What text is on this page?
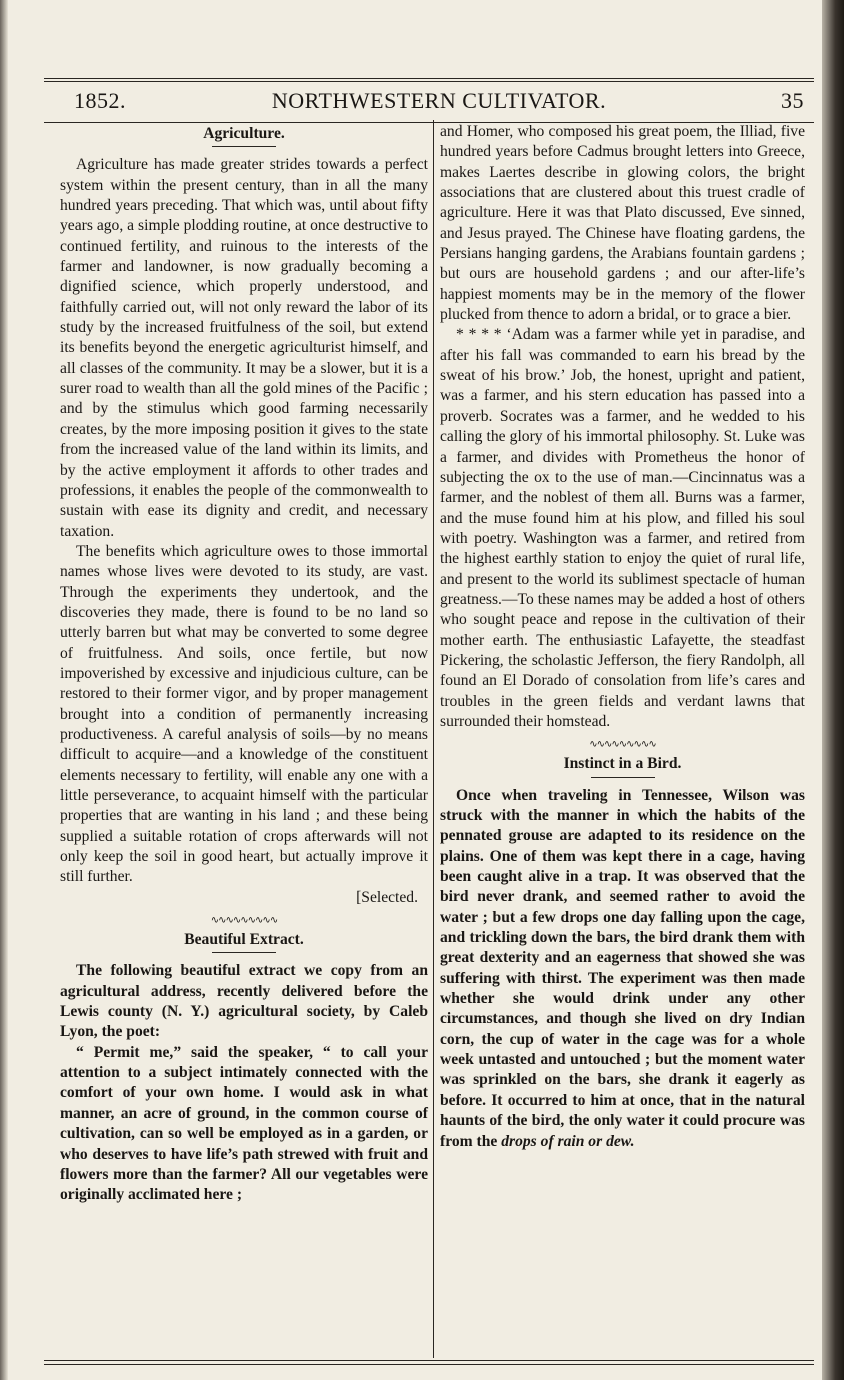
1852.	NORTHWESTERN CULTIVATOR.	35
Agriculture.

Agriculture has made greater strides towards a perfect system within the present century, than in all the many hundred years preceding. That which was, until about fifty years ago, a simple plodding routine, at once destructive to continued fertility, and ruinous to the interests of the farmer and landowner, is now gradually becoming a dignified science, which properly understood, and faithfully carried out, will not only reward the labor of its study by the increased fruitfulness of the soil, but extend its benefits beyond the energetic agriculturist himself, and all classes of the community. It may be a slower, but it is a surer road to wealth than all the gold mines of the Pacific ; and by the stimulus which good farming necessarily creates, by the more imposing position it gives to the state from the increased value of the land within its limits, and by the active employment it affords to other trades and professions, it enables the people of the commonwealth to sustain with ease its dignity and credit, and necessary taxation.

The benefits which agriculture owes to those immortal names whose lives were devoted to its study, are vast. Through the experiments they undertook, and the discoveries they made, there is found to be no land so utterly barren but what may be converted to some degree of fruitfulness. And soils, once fertile, but now impoverished by excessive and injudicious culture, can be restored to their former vigor, and by proper management brought into a condition of permanently increasing productiveness. A careful analysis of soils—by no means difficult to acquire—and a knowledge of the constituent elements necessary to fertility, will enable any one with a little perseverance, to acquaint himself with the particular properties that are wanting in his land ; and these being supplied a suitable rotation of crops afterwards will not only keep the soil in good heart, but actually improve it still further.

[Selected.
∿∿∿∿∿∿∿∿∿
Beautiful Extract.

The following beautiful extract we copy from an agricultural address, recently delivered before the Lewis county (N. Y.) agricultural society, by Caleb Lyon, the poet:

“ Permit me,” said the speaker, “ to call your attention to a subject intimately connected with the comfort of your own home. I would ask in what manner, an acre of ground, in the common course of cultivation, can so well be employed as in a garden, or who deserves to have life’s path strewed with fruit and flowers more than the farmer? All our vegetables were originally acclimated here ;

and Homer, who composed his great poem, the Illiad, five hundred years before Cadmus brought letters into Greece, makes Laertes describe in glowing colors, the bright associations that are clustered about this truest cradle of agriculture. Here it was that Plato discussed, Eve sinned, and Jesus prayed. The Chinese have floating gardens, the Persians hanging gardens, the Arabians fountain gardens ; but ours are household gardens ; and our after-life’s happiest moments may be in the memory of the flower plucked from thence to adorn a bridal, or to grace a bier.

* * * * ‘Adam was a farmer while yet in paradise, and after his fall was commanded to earn his bread by the sweat of his brow.’ Job, the honest, upright and patient, was a farmer, and his stern education has passed into a proverb. Socrates was a farmer, and he wedded to his calling the glory of his immortal philosophy. St. Luke was a farmer, and divides with Prometheus the honor of subjecting the ox to the use of man.—Cincinnatus was a farmer, and the noblest of them all. Burns was a farmer, and the muse found him at his plow, and filled his soul with poetry. Washington was a farmer, and retired from the highest earthly station to enjoy the quiet of rural life, and present to the world its sublimest spectacle of human greatness.—To these names may be added a host of others who sought peace and repose in the cultivation of their mother earth. The enthusiastic Lafayette, the steadfast Pickering, the scholastic Jefferson, the fiery Randolph, all found an El Dorado of consolation from life’s cares and troubles in the green fields and verdant lawns that surrounded their homstead.

∿∿∿∿∿∿∿∿∿
Instinct in a Bird.

Once when traveling in Tennessee, Wilson was struck with the manner in which the habits of the pennated grouse are adapted to its residence on the plains. One of them was kept there in a cage, having been caught alive in a trap. It was observed that the bird never drank, and seemed rather to avoid the water ; but a few drops one day falling upon the cage, and trickling down the bars, the bird drank them with great dexterity and an eagerness that showed she was suffering with thirst. The experiment was then made whether she would drink under any other circumstances, and though she lived on dry Indian corn, the cup of water in the cage was for a whole week untasted and untouched ; but the moment water was sprinkled on the bars, she drank it eagerly as before. It occurred to him at once, that in the natural haunts of the bird, the only water it could procure was from the drops of rain or dew.
